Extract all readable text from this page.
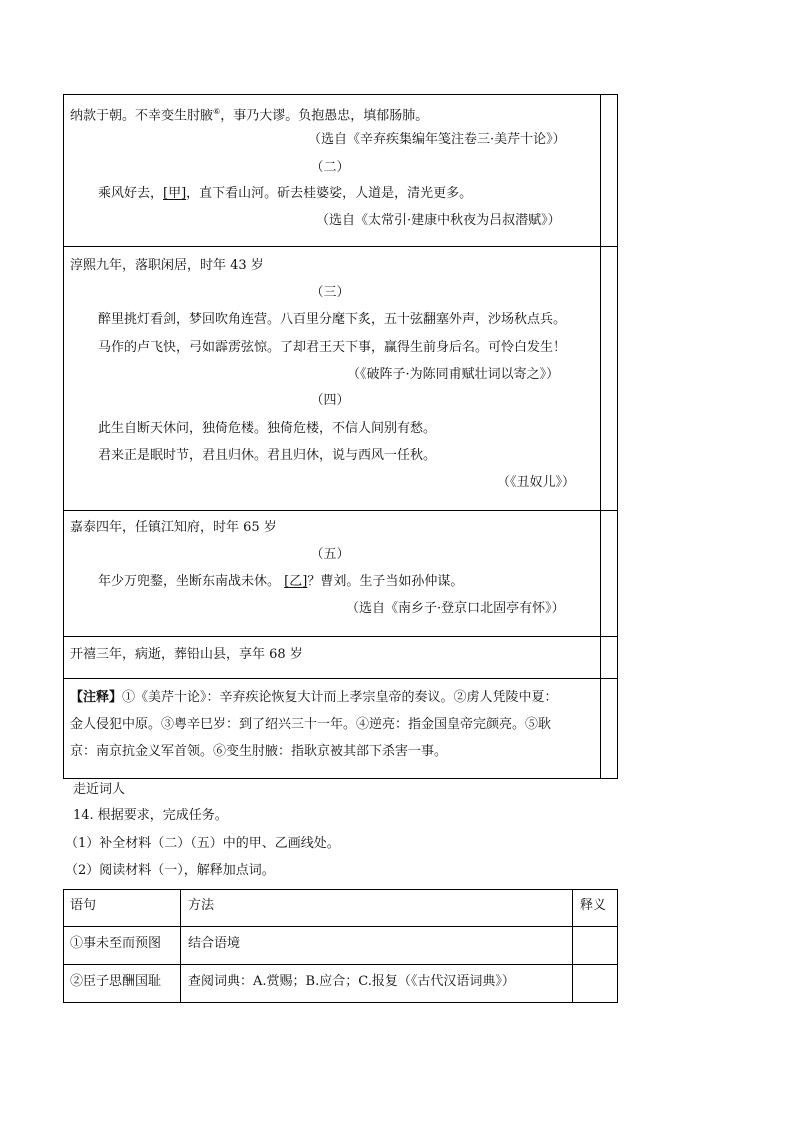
纳款于朝。不幸变生肘腋⑥，事乃大谬。负抱愚忠，填郁肠肺。
（选自《辛弃疾集编年笺注卷三·美芹十论》）
（二）
乘风好去，[甲]，直下看山河。斫去桂婆娑，人道是，清光更多。
（选自《太常引·建康中秋夜为吕叔潜赋》）
淳熙九年，落职闲居，时年 43 岁
（三）
醉里挑灯看剑，梦回吹角连营。八百里分麾下炙，五十弦翻塞外声，沙场秋点兵。
马作的卢飞快，弓如霹雳弦惊。了却君王天下事，赢得生前身后名。可怜白发生！
（《破阵子·为陈同甫赋壮词以寄之》）
（四）
此生自断天休问，独倚危楼。独倚危楼，不信人间别有愁。
君来正是眠时节，君且归休。君且归休，说与西风一任秋。
（《丑奴儿》）
嘉泰四年，任镇江知府，时年 65 岁
（五）
年少万兜鍪，坐断东南战未休。 [乙]？曹刘。生子当如孙仲谋。
（选自《南乡子·登京口北固亭有怀》）
开禧三年，病逝，葬铅山县，享年 68 岁
【注释】①《美芹十论》：辛弃疾论恢复大计而上孝宗皇帝的奏议。②虏人凭陵中夏：
金人侵犯中原。③粤辛巳岁：到了绍兴三十一年。④逆亮：指金国皇帝完颜亮。⑤耿
京：南京抗金义军首领。⑥变生肘腋：指耿京被其部下杀害一事。
走近词人
14. 根据要求，完成任务。
（1）补全材料（二）（五）中的甲、乙画线处。
（2）阅读材料（一），解释加点词。
语句	方法	释义
①事未至而预图 结合语境
②臣子思酬国耻 查阅词典：A.赏赐；B.应合；C.报复（《古代汉语词典》）
